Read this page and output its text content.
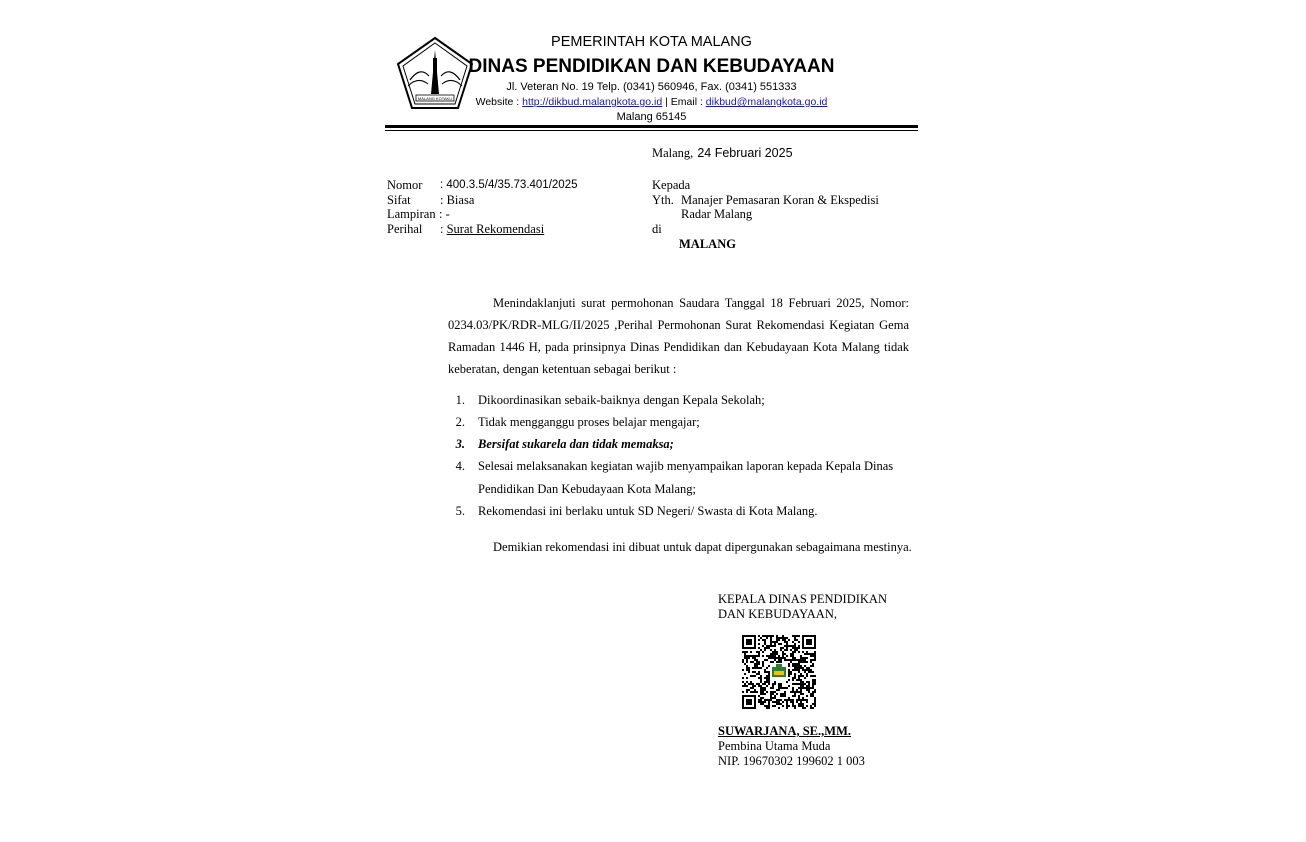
MALANG KOTAKU
PEMERINTAH KOTA MALANG
DINAS PENDIDIKAN DAN KEBUDAYAAN
Jl. Veteran No. 19 Telp. (0341) 560946, Fax. (0341) 551333
Website : http://dikbud.malangkota.go.id | Email : dikbud@malangkota.go.id
Malang 65145
Malang, 24 Februari 2025
Nomor : 400.3.5/4/35.73.401/2025
Sifat : Biasa
Lampiran : -
Perihal : Surat Rekomendasi
Kepada
Yth. Manajer Pemasaran Koran & Ekspedisi
Radar Malang
di
MALANG
Menindaklanjuti surat permohonan Saudara Tanggal 18 Februari 2025, Nomor:
0234.03/PK/RDR-MLG/II/2025 ,Perihal Permohonan Surat Rekomendasi Kegiatan Gema
Ramadan 1446 H, pada prinsipnya Dinas Pendidikan dan Kebudayaan Kota Malang tidak
keberatan, dengan ketentuan sebagai berikut :
1. Dikoordinasikan sebaik-baiknya dengan Kepala Sekolah;
2. Tidak mengganggu proses belajar mengajar;
3. Bersifat sukarela dan tidak memaksa;
4. Selesai melaksanakan kegiatan wajib menyampaikan laporan kepada Kepala Dinas
Pendidikan Dan Kebudayaan Kota Malang;
5. Rekomendasi ini berlaku untuk SD Negeri/ Swasta di Kota Malang.
Demikian rekomendasi ini dibuat untuk dapat dipergunakan sebagaimana mestinya.
KEPALA DINAS PENDIDIKAN
DAN KEBUDAYAAN,
SUWARJANA, SE.,MM.
Pembina Utama Muda
NIP. 19670302 199602 1 003
